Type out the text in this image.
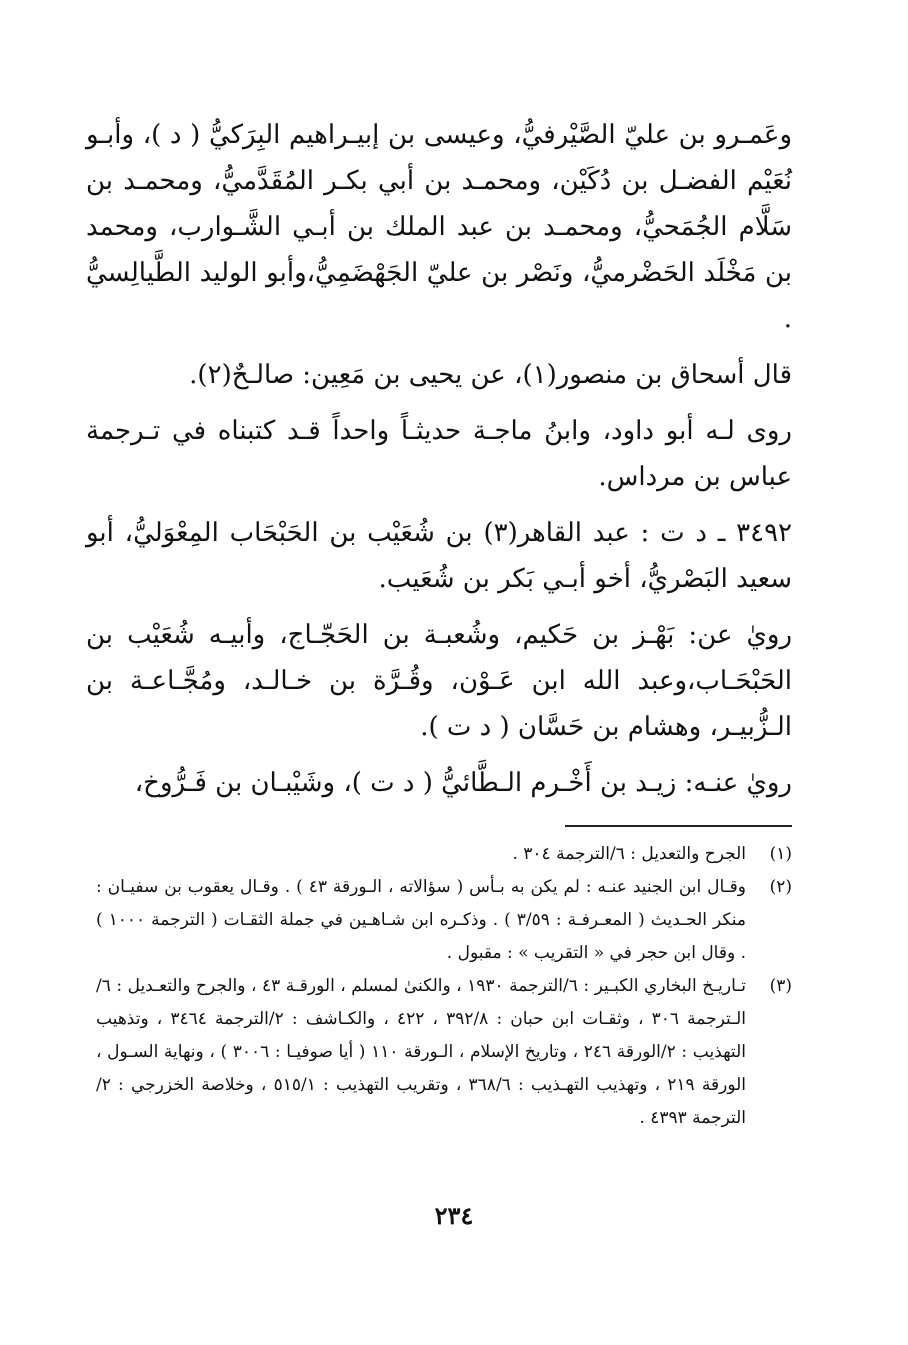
وعَمـرو بن عليّ الصَّيْرفيُّ، وعيسى بن إبيـراهيم البِرَكيُّ ( د )، وأبـو نُعَيْم الفضـل بن دُكَيْن، ومحمـد بن أبي بكـر المُقَدَّميُّ، ومحمـد بن سَلَّام الجُمَحيُّ، ومحمـد بن عبد الملك بن أبـي الشَّـوارب، ومحمد بن مَخْلَد الحَضْرميُّ، ونَصْر بن عليّ الجَهْضَمِيُّ،وأبو الوليد الطَّيالِسيُّ .

قال أسحاق بن منصور(١)، عن يحيى بن مَعِين: صالـحٌ(٢).

روى لـه أبو داود، وابنُ ماجـة حديثـاً واحداً قـد كتبناه في تـرجمة عباس بن مرداس.

٣٤٩٢ ـ د ت : عبد القاهر(٣) بن شُعَيْب بن الحَبْحَاب المِعْوَليُّ، أبو سعيد البَصْريُّ، أخو أبـي بَكر بن شُعَيب.

رويٰ عن: بَهْـز بن حَكيم، وشُعبـة بن الحَجّـاج، وأبيـه شُعَيْب بن الحَبْحَـاب،وعبد الله ابن عَـوْن، وقُـرَّة بن خـالـد، ومُجَّـاعـة بن الـزُّبيـر، وهشام بن حَسَّان ( د ت ).

رويٰ عنـه: زيـد بن أَخْـرم الـطَّائيُّ ( د ت )، وشَيْبـان بن فَـرُّوخ،

(١)
الجرح والتعديل : ٦/الترجمة ٣٠٤ .
(٢)
وقـال ابن الجنيد عنـه : لم يكن به بـأس ( سؤالاته ، الـورقة ٤٣ ) . وقـال يعقوب بن سفيـان : منكر الحـديث ( المعـرفـة : ٣/٥٩ ) . وذكـره ابن شـاهـين في جملة الثقـات ( الترجمة ١٠٠٠ ) . وقال ابن حجر في « التقريب » : مقبول .
(٣)
تـاريـخ البخاري الكبـير : ٦/الترجمة ١٩٣٠ ، والكنىٰ لمسلم ، الورقـة ٤٣ ، والجرح والتعـديل : ٦/الـترجمة ٣٠٦ ، وثقـات ابن حبان : ٣٩٢/٨ ، ٤٢٢ ، والكـاشف : ٢/الترجمة ٣٤٦٤ ، وتذهيب التهذيب : ٢/الورقة ٢٤٦ ، وتاريخ الإسلام ، الـورقة ١١٠ ( أيا صوفيـا : ٣٠٠٦ ) ، ونهاية السـول ، الورقة ٢١٩ ، وتهذيب التهـذيب : ٣٦٨/٦ ، وتقريب التهذيب : ٥١٥/١ ، وخلاصة الخزرجي : ٢/الترجمة ٤٣٩٣ .
٢٣٤
